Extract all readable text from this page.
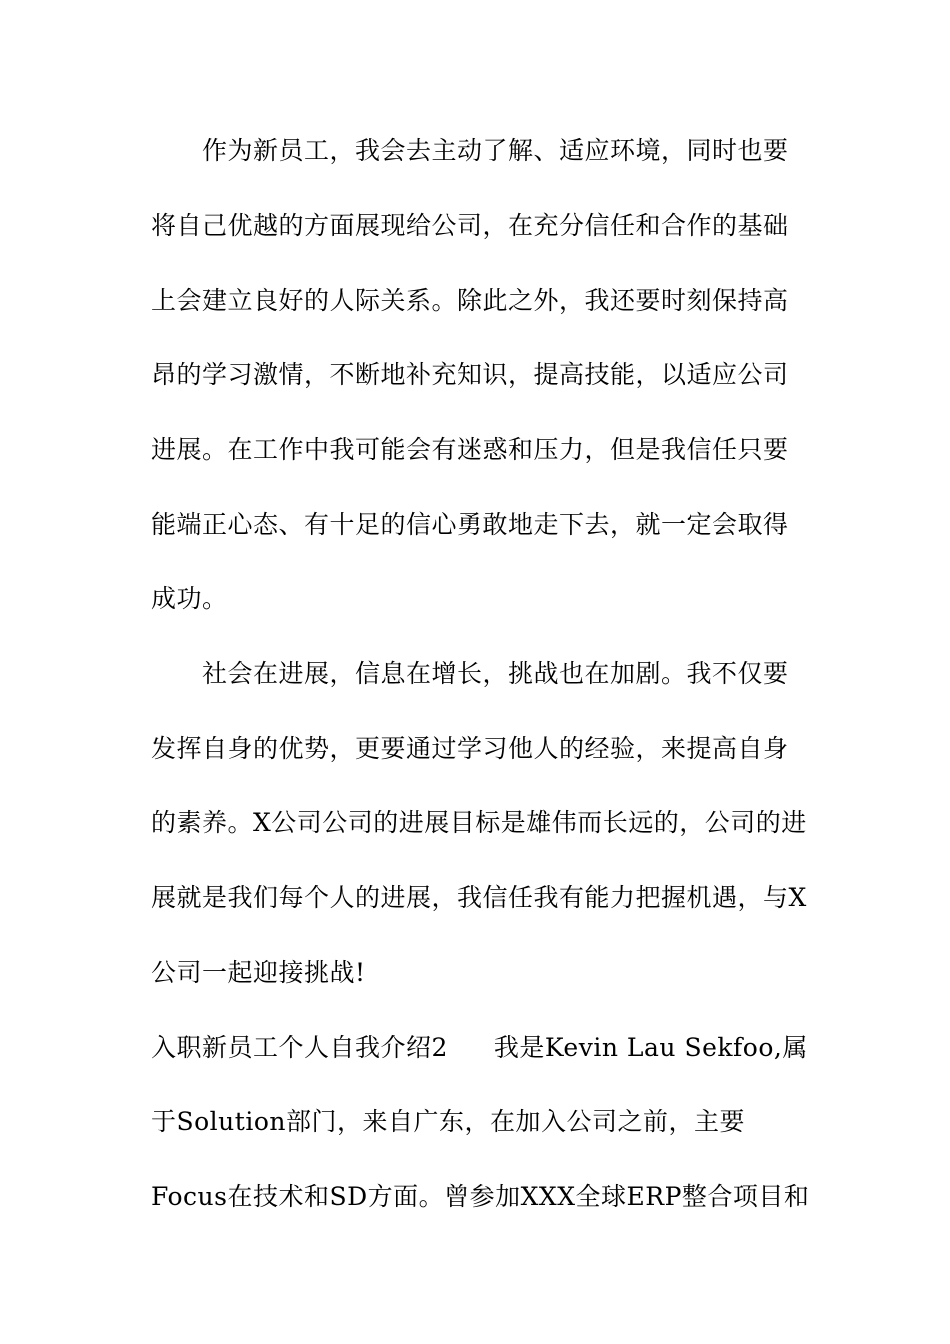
作为新员工，我会去主动了解、适应环境，同时也要
将自己优越的方面展现给公司，在充分信任和合作的基础
上会建立良好的人际关系。除此之外，我还要时刻保持高
昂的学习激情，不断地补充知识，提高技能，以适应公司
进展。在工作中我可能会有迷惑和压力，但是我信任只要
能端正心态、有十足的信心勇敢地走下去，就一定会取得
成功。
社会在进展，信息在增长，挑战也在加剧。我不仅要
发挥自身的优势，更要通过学习他人的经验，来提高自身
的素养。X公司公司的进展目标是雄伟而长远的，公司的进
展就是我们每个人的进展，我信任我有能力把握机遇，与X
公司一起迎接挑战!
入职新员工个人自我介绍2 我是Kevin Lau Sekfoo,属
于Solution部门，来自广东，在加入公司之前，主要
Focus在技术和SD方面。曾参加XXX全球ERP整合项目和
